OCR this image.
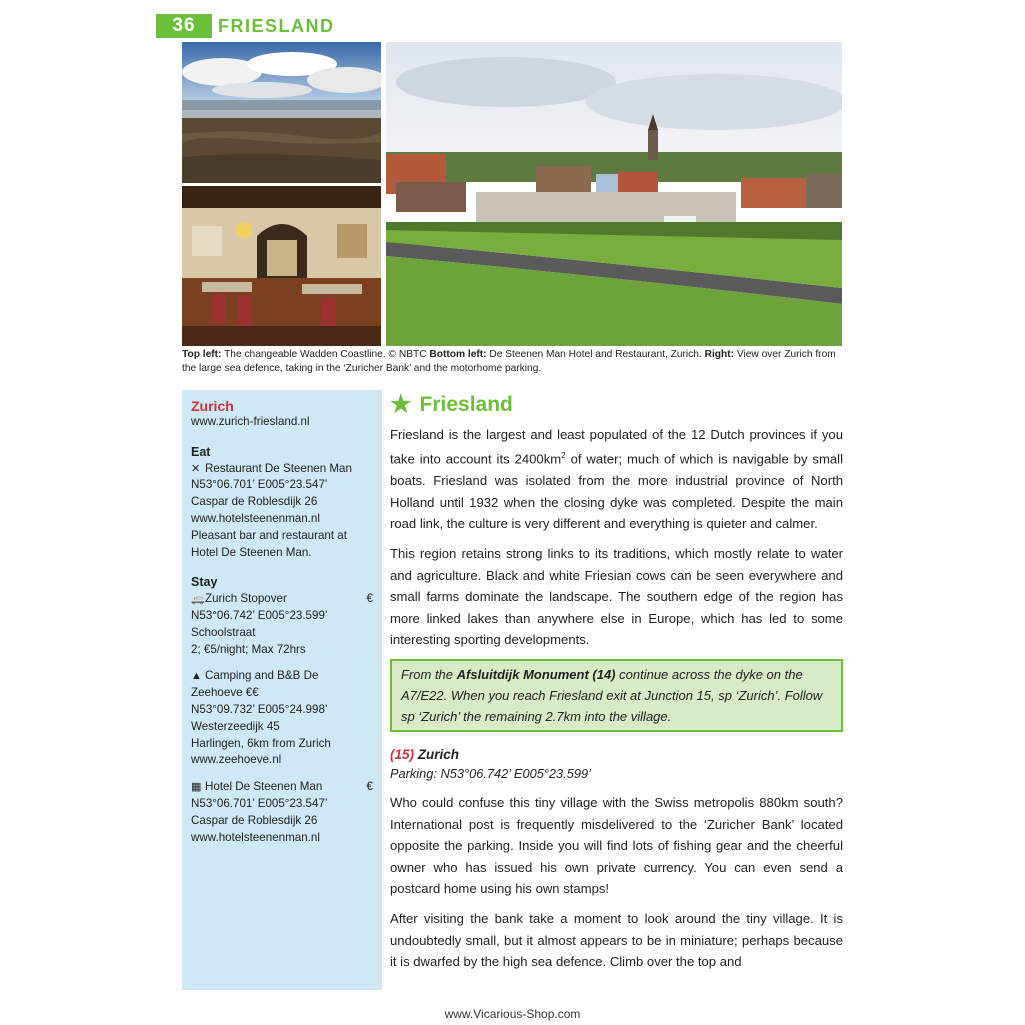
36	FRIESLAND
Top left: The changeable Wadden Coastline. © NBTC Bottom left: De Steenen Man Hotel and Restaurant, Zurich. Right: View over Zurich from the large sea defence, taking in the ‘Zuricher Bank’ and the motorhome parking.
Zurich
www.zurich-friesland.nl
Eat
✕ Restaurant De Steenen Man
N53°06.701’ E005°23.547’
Caspar de Roblesdijk 26
www.hotelsteenenman.nl
Pleasant bar and restaurant at
Hotel De Steenen Man.
Stay
🚐Zurich Stopover	€
N53°06.742’ E005°23.599’
Schoolstraat
2; €5/night; Max 72hrs
▲ Camping and B&B De
Zeehoeve €€
N53°09.732’ E005°24.998’
Westerzeedijk 45
Harlingen, 6km from Zurich
www.zeehoeve.nl
▦ Hotel De Steenen Man	€
N53°06.701’ E005°23.547’
Caspar de Roblesdijk 26
www.hotelsteenenman.nl
★ Friesland

Friesland is the largest and least populated of the 12 Dutch provinces if you take into account its $2400km^2$ of water; much of which is navigable by small boats. Friesland was isolated from the more industrial province of North Holland until 1932 when the closing dyke was completed. Despite the main road link, the culture is very different and everything is quieter and calmer.

This region retains strong links to its traditions, which mostly relate to water and agriculture. Black and white Friesian cows can be seen everywhere and small farms dominate the landscape. The southern edge of the region has more linked lakes than anywhere else in Europe, which has led to some interesting sporting developments.

From the Afsluitdijk Monument (14) continue across the dyke on the A7/E22. When you reach Friesland exit at Junction 15, sp ‘Zurich’. Follow sp ‘Zurich’ the remaining 2.7km into the village.
(15) Zurich
Parking: N53°06.742’ E005°23.599’

Who could confuse this tiny village with the Swiss metropolis 880km south? International post is frequently misdelivered to the ‘Zuricher Bank’ located opposite the parking. Inside you will find lots of fishing gear and the cheerful owner who has issued his own private currency. You can even send a postcard home using his own stamps!

After visiting the bank take a moment to look around the tiny village. It is undoubtedly small, but it almost appears to be in miniature; perhaps because it is dwarfed by the high sea defence. Climb over the top and

www.Vicarious-Shop.com
